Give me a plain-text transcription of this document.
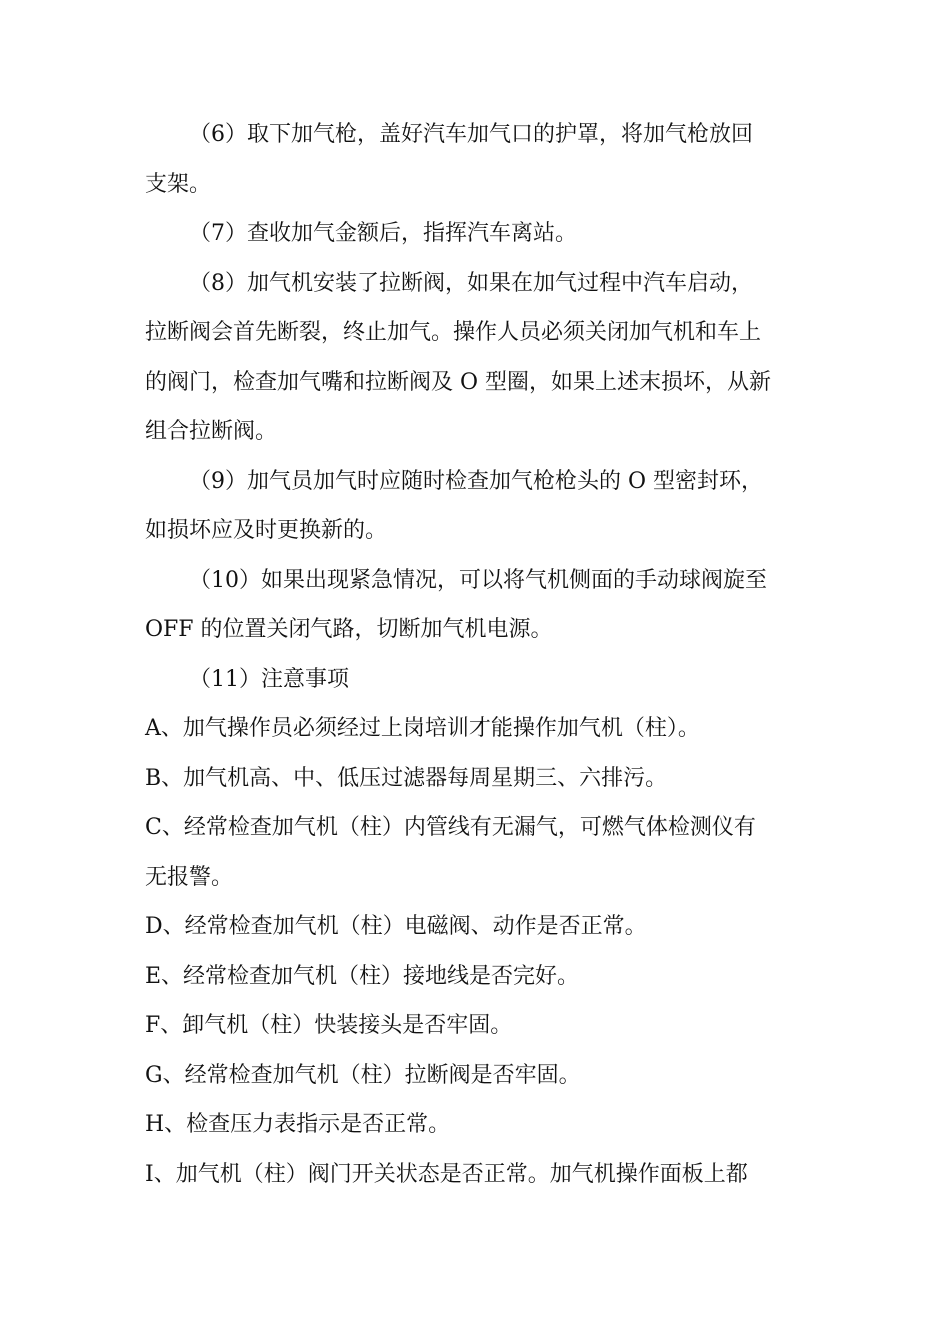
（6）取下加气枪，盖好汽车加气口的护罩，将加气枪放回
支架。

（7）查收加气金额后，指挥汽车离站。

（8）加气机安装了拉断阀，如果在加气过程中汽车启动，
拉断阀会首先断裂，终止加气。操作人员必须关闭加气机和车上
的阀门，检查加气嘴和拉断阀及 O 型圈，如果上述末损坏，从新
组合拉断阀。

（9）加气员加气时应随时检查加气枪枪头的 O 型密封环，
如损坏应及时更换新的。

（10）如果出现紧急情况，可以将气机侧面的手动球阀旋至
OFF 的位置关闭气路，切断加气机电源。

（11）注意事项

A、加气操作员必须经过上岗培训才能操作加气机（柱）。

B、加气机高、中、低压过滤器每周星期三、六排污。

C、经常检查加气机（柱）内管线有无漏气，可燃气体检测仪有
无报警。

D、经常检查加气机（柱）电磁阀、动作是否正常。

E、经常检查加气机（柱）接地线是否完好。

F、卸气机（柱）快装接头是否牢固。

G、经常检查加气机（柱）拉断阀是否牢固。

H、检查压力表指示是否正常。

I、加气机（柱）阀门开关状态是否正常。加气机操作面板上都
